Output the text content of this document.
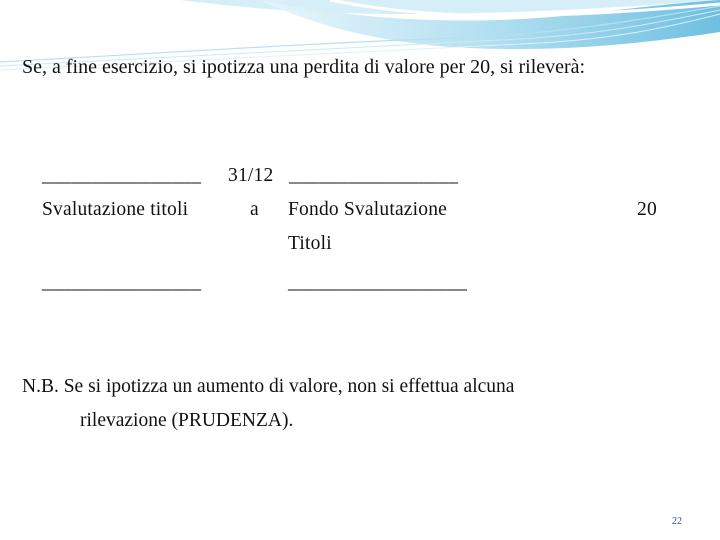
Se, a fine esercizio, si ipotizza una perdita di valore per 20, si rileverà:
________________ 31/12 _________________
Svalutazione titoli	a Fondo Svalutazione	20
Titoli
________________	__________________
N.B. Se si ipotizza un aumento di valore, non si effettua alcuna
rilevazione (PRUDENZA).
22
